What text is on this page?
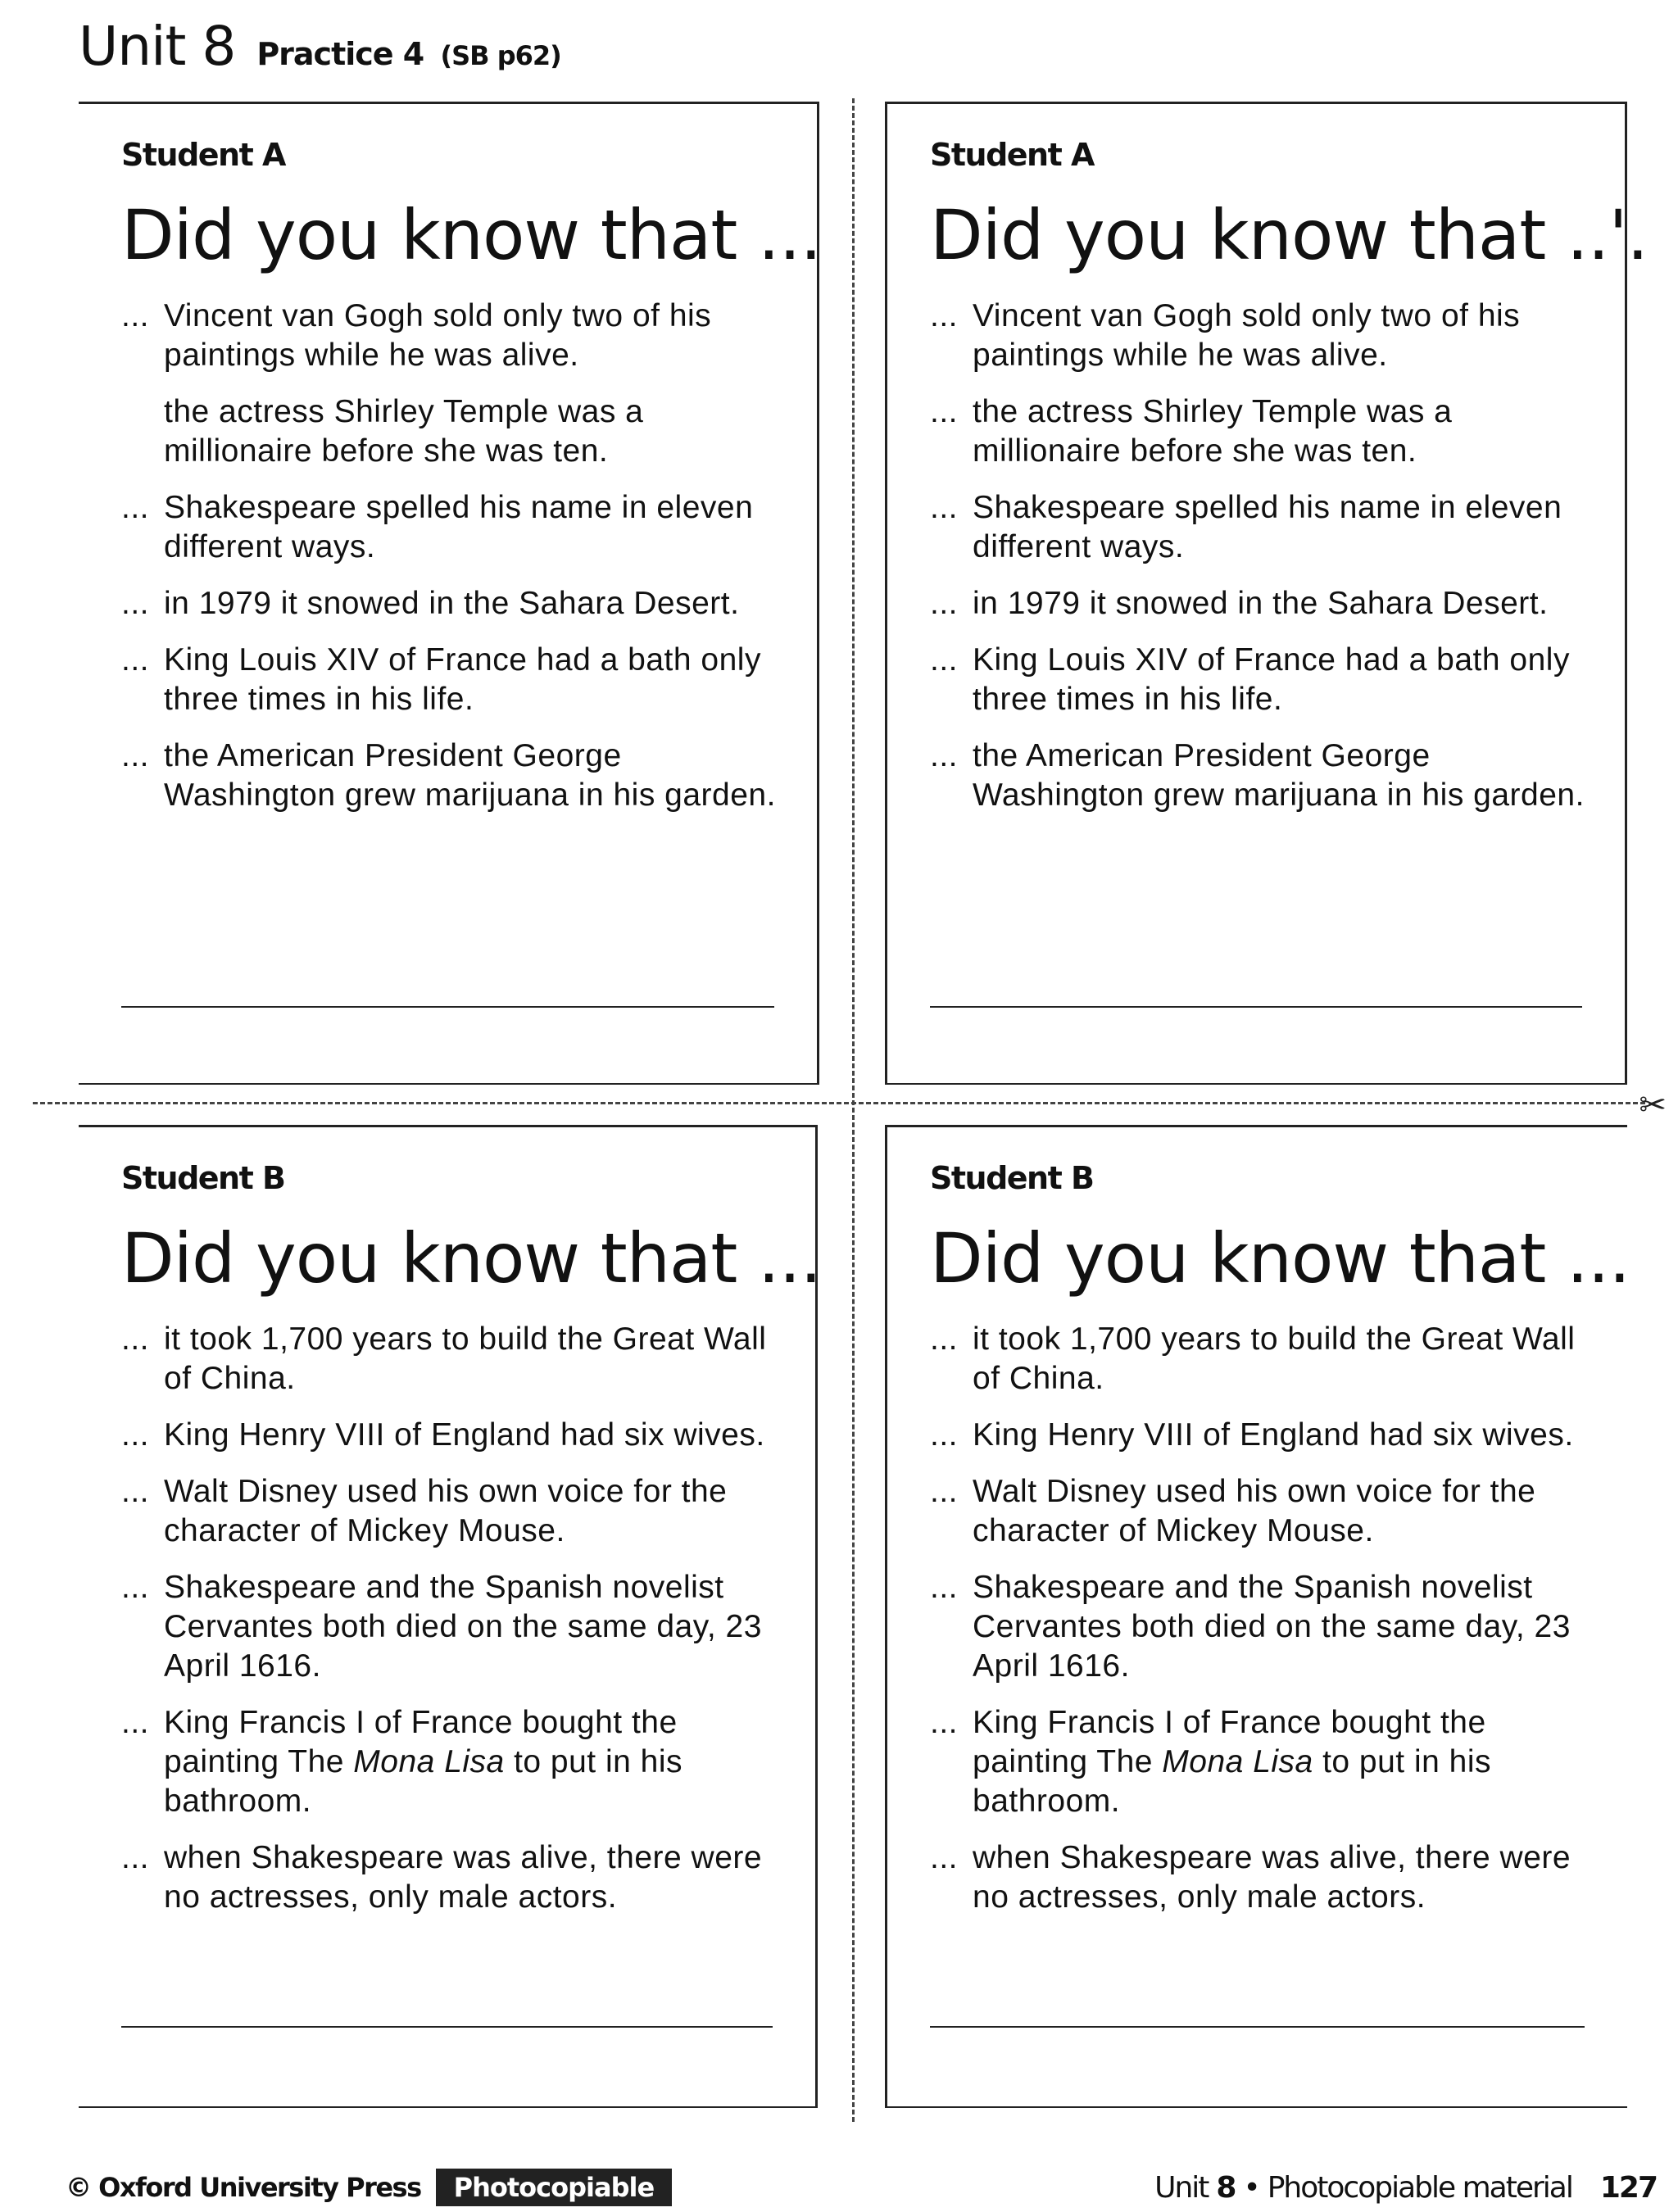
Unit 8 Practice 4 (SB p62)
✂
Student A
Did you know that ...
... Vincent van Gogh sold only two of his paintings while he was alive.
the actress Shirley Temple was a millionaire before she was ten.
... Shakespeare spelled his name in eleven different ways.
... in 1979 it snowed in the Sahara Desert.
... King Louis XIV of France had a bath only three times in his life.
... the American President George Washington grew marijuana in his garden.
Student A
Did you know that ..'.
... Vincent van Gogh sold only two of his paintings while he was alive.
... the actress Shirley Temple was a millionaire before she was ten.
... Shakespeare spelled his name in eleven different ways.
... in 1979 it snowed in the Sahara Desert.
... King Louis XIV of France had a bath only three times in his life.
... the American President George Washington grew marijuana in his garden.
Student B
Did you know that ...
... it took 1,700 years to build the Great Wall of China.
... King Henry VIII of England had six wives.
... Walt Disney used his own voice for the character of Mickey Mouse.
... Shakespeare and the Spanish novelist Cervantes both died on the same day, 23 April 1616.
... King Francis I of France bought the painting The Mona Lisa to put in his bathroom.
... when Shakespeare was alive, there were no actresses, only male actors.
Student B
Did you know that ...
... it took 1,700 years to build the Great Wall of China.
... King Henry VIII of England had six wives.
... Walt Disney used his own voice for the character of Mickey Mouse.
... Shakespeare and the Spanish novelist Cervantes both died on the same day, 23 April 1616.
... King Francis I of France bought the painting The Mona Lisa to put in his bathroom.
... when Shakespeare was alive, there were no actresses, only male actors.
© Oxford University Press	Photocopiable	Unit 8 • Photocopiable material 127
